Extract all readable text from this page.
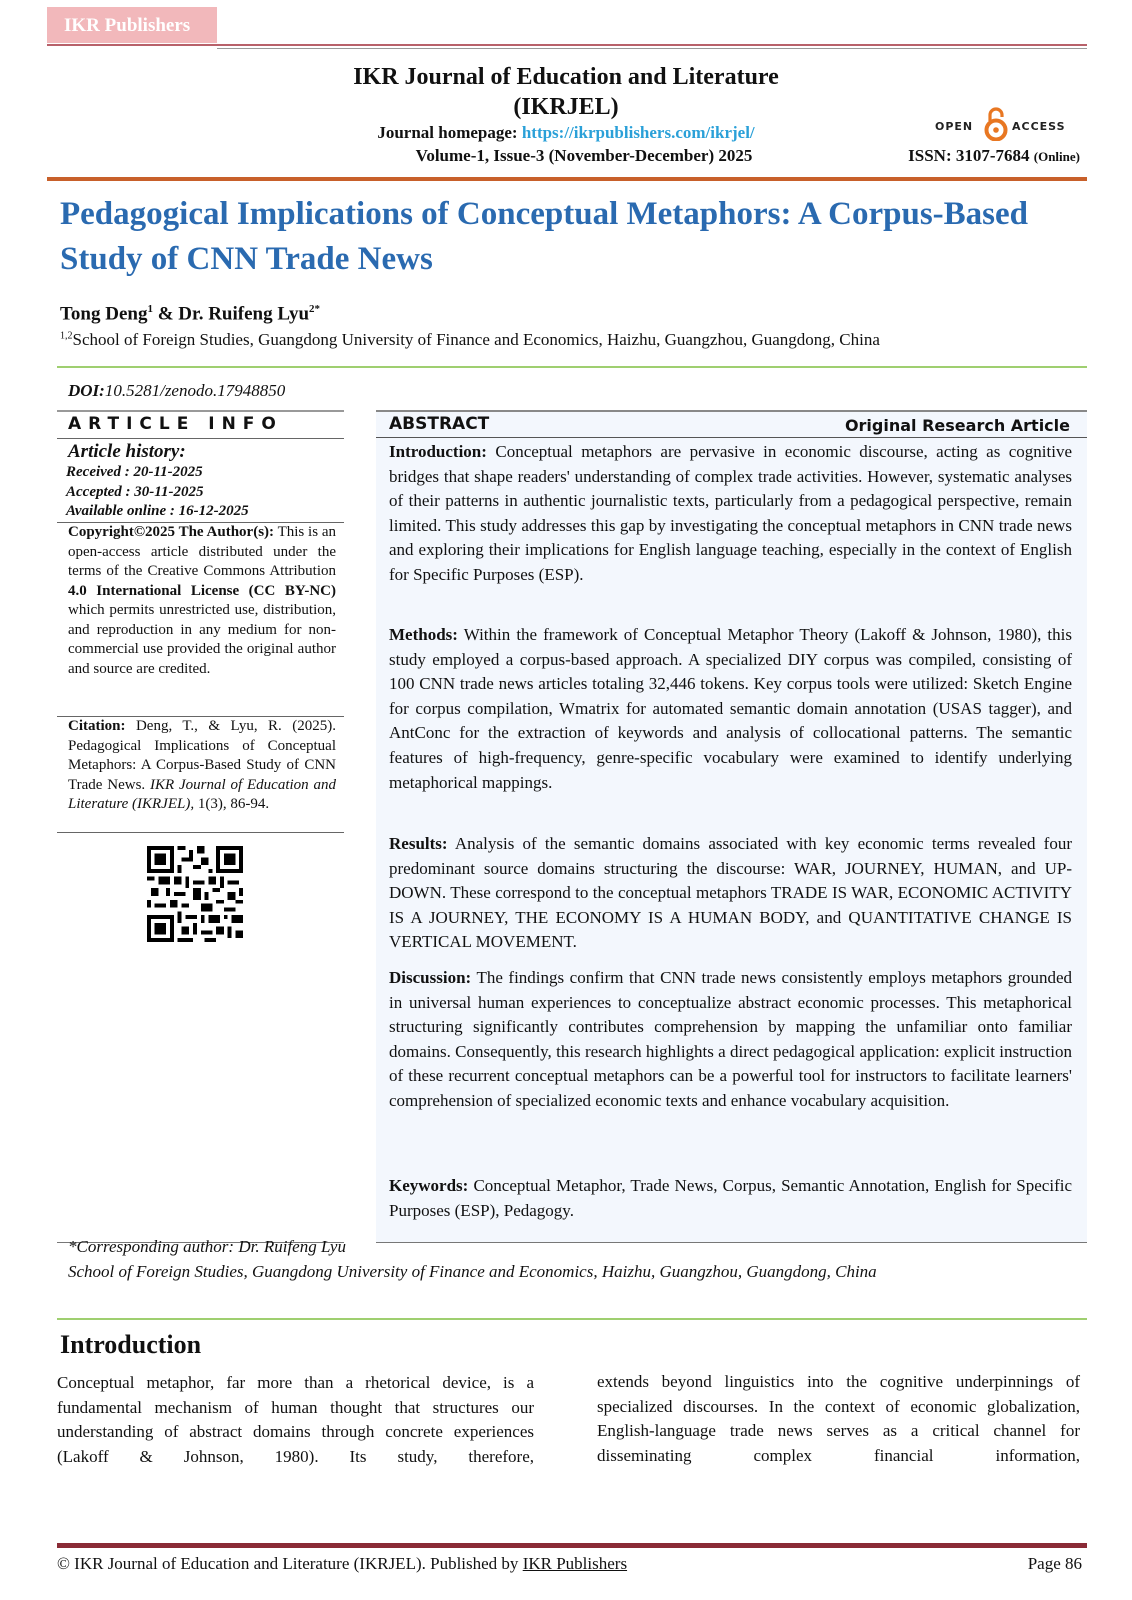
IKR Publishers
IKR Journal of Education and Literature
(IKRJEL)
Journal homepage: https://ikrpublishers.com/ikrjel/
Volume-1, Issue-3 (November-December) 2025
OPEN	ACCESS
ISSN: 3107-7684 (Online)
Pedagogical Implications of Conceptual Metaphors: A Corpus-Based Study of CNN Trade News
Tong Deng$^1$ & Dr. Ruifeng Lyu$^{2*}$
$^{1,2}$School of Foreign Studies, Guangdong University of Finance and Economics, Haizhu, Guangzhou, Guangdong, China
DOI:10.5281/zenodo.17948850
ARTICLE INFO
Article history:
Received : 20-11-2025
Accepted : 30-11-2025
Available online : 16-12-2025
Copyright©2025 The Author(s): This is an open-access article distributed under the terms of the Creative Commons Attribution 4.0 International License (CC BY-NC) which permits unrestricted use, distribution, and reproduction in any medium for non-commercial use provided the original author and source are credited.
Citation: Deng, T., & Lyu, R. (2025). Pedagogical Implications of Conceptual Metaphors: A Corpus-Based Study of CNN Trade News. IKR Journal of Education and Literature (IKRJEL), 1(3), 86-94.
ABSTRACT	Original Research Article
Introduction: Conceptual metaphors are pervasive in economic discourse, acting as cognitive bridges that shape readers' understanding of complex trade activities. However, systematic analyses of their patterns in authentic journalistic texts, particularly from a pedagogical perspective, remain limited. This study addresses this gap by investigating the conceptual metaphors in CNN trade news and exploring their implications for English language teaching, especially in the context of English for Specific Purposes (ESP).
Methods: Within the framework of Conceptual Metaphor Theory (Lakoff & Johnson, 1980), this study employed a corpus-based approach. A specialized DIY corpus was compiled, consisting of 100 CNN trade news articles totaling 32,446 tokens. Key corpus tools were utilized: Sketch Engine for corpus compilation, Wmatrix for automated semantic domain annotation (USAS tagger), and AntConc for the extraction of keywords and analysis of collocational patterns. The semantic features of high-frequency, genre-specific vocabulary were examined to identify underlying metaphorical mappings.
Results: Analysis of the semantic domains associated with key economic terms revealed four predominant source domains structuring the discourse: WAR, JOURNEY, HUMAN, and UP-DOWN. These correspond to the conceptual metaphors TRADE IS WAR, ECONOMIC ACTIVITY IS A JOURNEY, THE ECONOMY IS A HUMAN BODY, and QUANTITATIVE CHANGE IS VERTICAL MOVEMENT.
Discussion: The findings confirm that CNN trade news consistently employs metaphors grounded in universal human experiences to conceptualize abstract economic processes. This metaphorical structuring significantly contributes comprehension by mapping the unfamiliar onto familiar domains. Consequently, this research highlights a direct pedagogical application: explicit instruction of these recurrent conceptual metaphors can be a powerful tool for instructors to facilitate learners' comprehension of specialized economic texts and enhance vocabulary acquisition.
Keywords: Conceptual Metaphor, Trade News, Corpus, Semantic Annotation, English for Specific Purposes (ESP), Pedagogy.
*Corresponding author: Dr. Ruifeng Lyu
School of Foreign Studies, Guangdong University of Finance and Economics, Haizhu, Guangzhou, Guangdong, China
Introduction
Conceptual metaphor, far more than a rhetorical device, is a fundamental mechanism of human thought that structures our understanding of abstract domains through concrete experiences (Lakoff & Johnson, 1980). Its study, therefore,
extends beyond linguistics into the cognitive underpinnings of specialized discourses. In the context of economic globalization, English-language trade news serves as a critical channel for disseminating complex financial information,
© IKR Journal of Education and Literature (IKRJEL). Published by IKR Publishers	Page 86
